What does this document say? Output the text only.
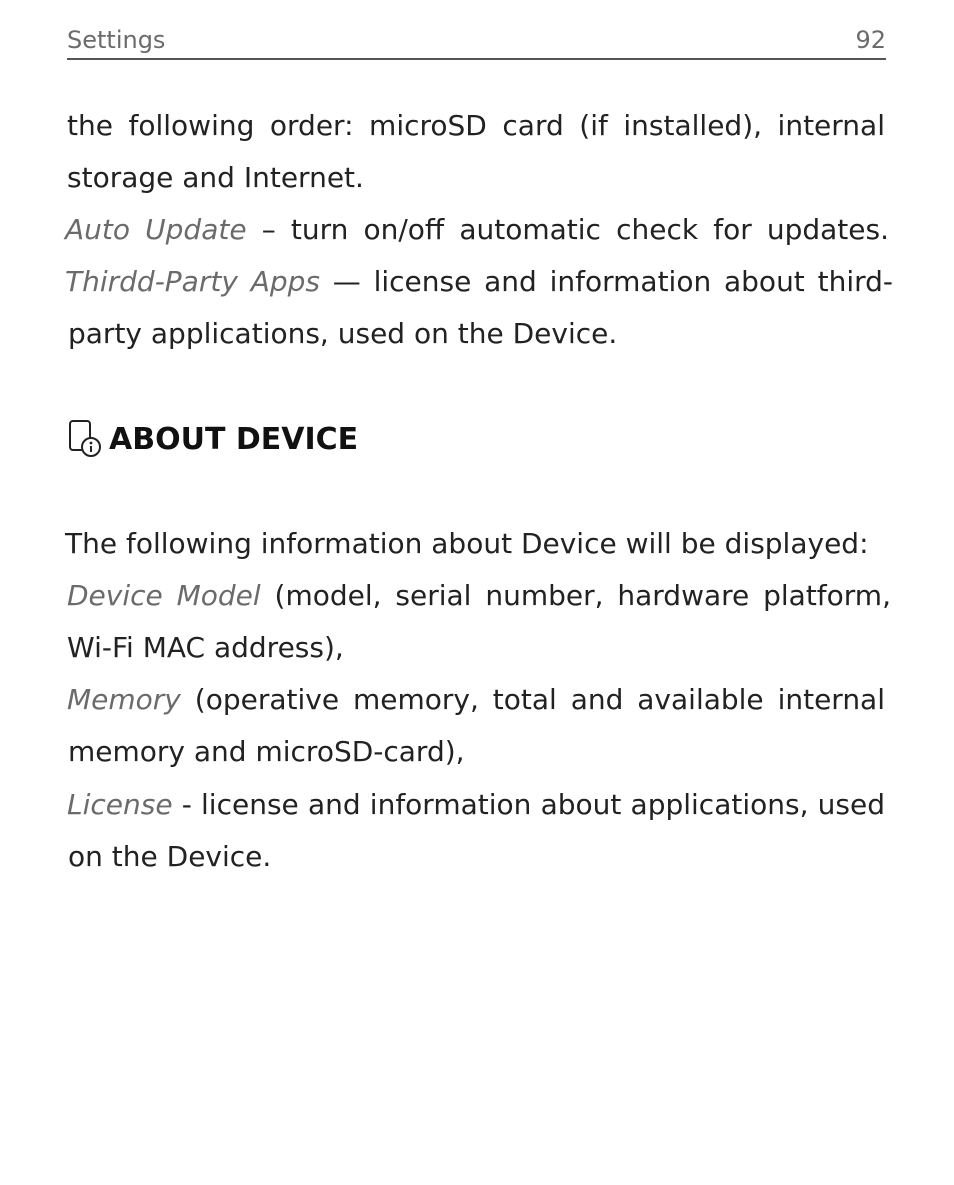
Settings	92
the following order: microSD card (if installed), internal
storage and Internet.
Auto Update – turn on/off automatic check for updates.
Thirdd-Party Apps — license and information about third-
party applications, used on the Device.
ABOUT DEVICE
The following information about Device will be displayed:
Device Model (model, serial number, hardware platform,
Wi-Fi MAC address),
Memory (operative memory, total and available internal
memory and microSD-card),
License - license and information about applications, used
on the Device.
